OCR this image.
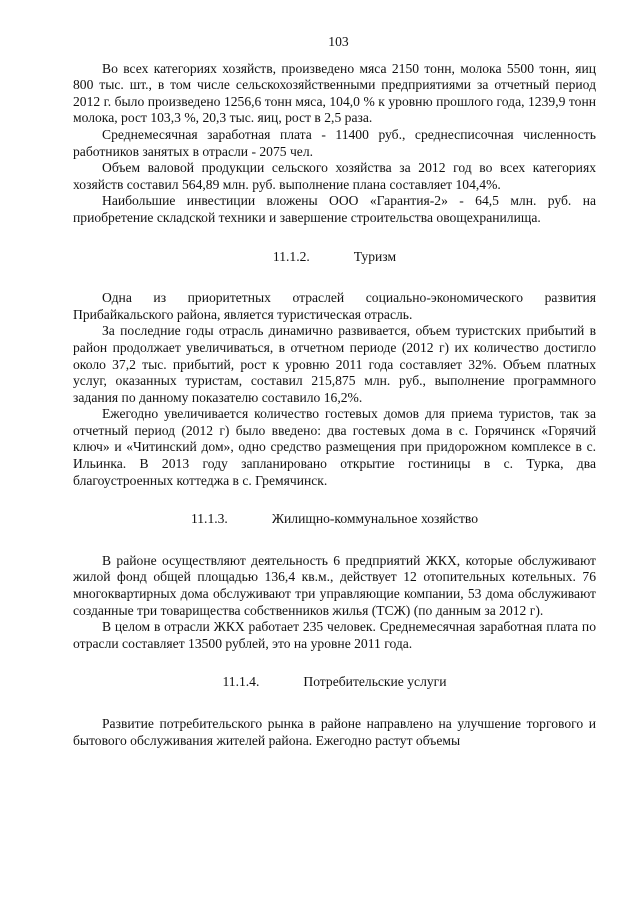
103

Во всех категориях хозяйств, произведено мяса 2150 тонн, молока 5500 тонн, яиц 800 тыс. шт., в том числе сельскохозяйственными предприятиями за отчетный период 2012 г. было произведено 1256,6 тонн мяса, 104,0 % к уровню прошлого года, 1239,9 тонн молока, рост 103,3 %, 20,3 тыс. яиц, рост в 2,5 раза.

Среднемесячная заработная плата - 11400 руб., среднесписочная численность работников занятых в отрасли - 2075 чел.

Объем валовой продукции сельского хозяйства за 2012 год во всех категориях хозяйств составил 564,89 млн. руб. выполнение плана составляет 104,4%.

Наибольшие инвестиции вложены ООО «Гарантия-2» - 64,5 млн. руб. на приобретение складской техники и завершение строительства овощехранилища.

11.1.2.	Туризм

Одна из приоритетных отраслей социально-экономического развития Прибайкальского района, является туристическая отрасль.

За последние годы отрасль динамично развивается, объем туристских прибытий в район продолжает увеличиваться, в отчетном периоде (2012 г) их количество достигло около 37,2 тыс. прибытий, рост к уровню 2011 года составляет 32%. Объем платных услуг, оказанных туристам, составил 215,875 млн. руб., выполнение программного задания по данному показателю составило 16,2%.

Ежегодно увеличивается количество гостевых домов для приема туристов, так за отчетный период (2012 г) было введено: два гостевых дома в с. Горячинск «Горячий ключ» и «Читинский дом», одно средство размещения при придорожном комплексе в с. Ильинка. В 2013 году запланировано открытие гостиницы в с. Турка, два благоустроенных коттеджа в с. Гремячинск.

11.1.3.	Жилищно-коммунальное хозяйство

В районе осуществляют деятельность 6 предприятий ЖКХ, которые обслуживают жилой фонд общей площадью 136,4 кв.м., действует 12 отопительных котельных. 76 многоквартирных дома обслуживают три управляющие компании, 53 дома обслуживают созданные три товарищества собственников жилья (ТСЖ) (по данным за 2012 г).

В целом в отрасли ЖКХ работает 235 человек. Среднемесячная заработная плата по отрасли составляет 13500 рублей, это на уровне 2011 года.

11.1.4.	Потребительские услуги

Развитие потребительского рынка в районе направлено на улучшение торгового и бытового обслуживания жителей района. Ежегодно растут объемы
